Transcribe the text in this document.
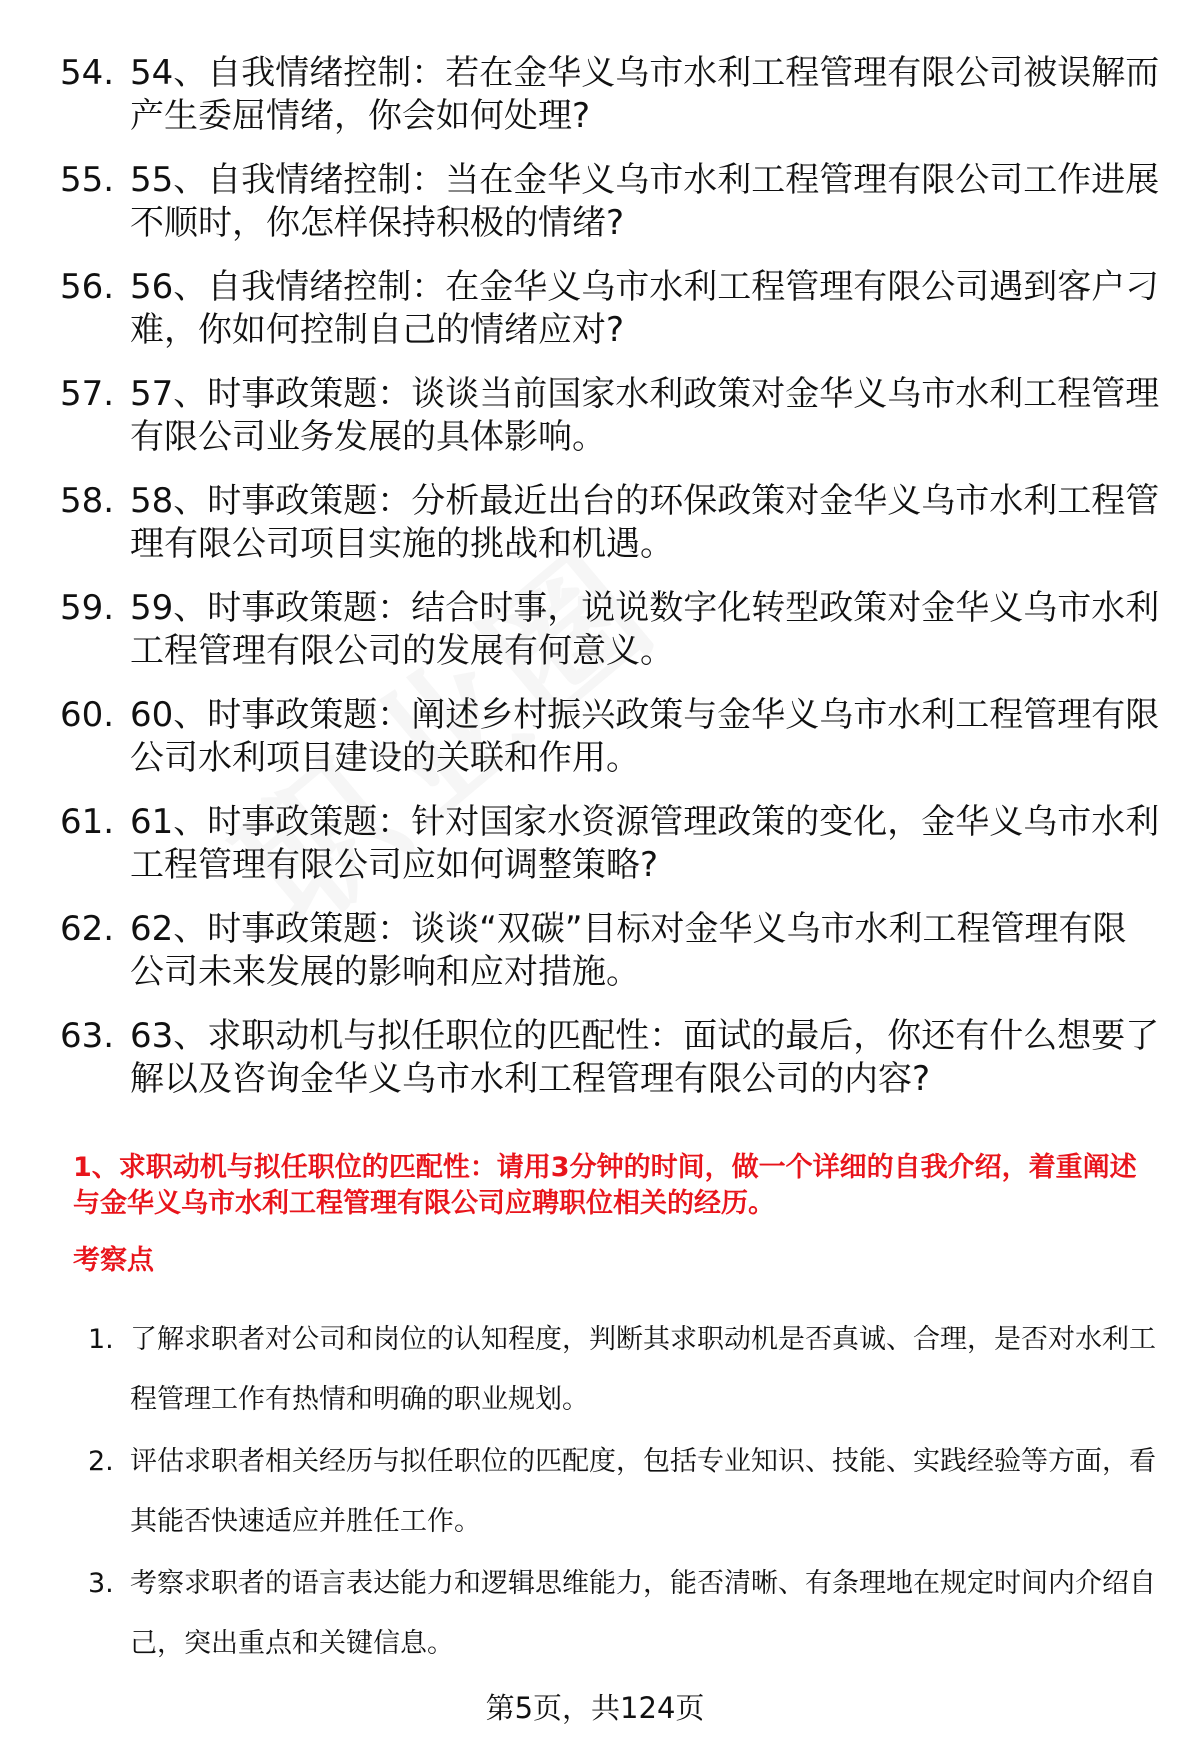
54. 54、自我情绪控制：若在金华义乌市水利工程管理有限公司被误解而产生委屈情绪，你会如何处理?
55. 55、自我情绪控制：当在金华义乌市水利工程管理有限公司工作进展不顺时，你怎样保持积极的情绪?
56. 56、自我情绪控制：在金华义乌市水利工程管理有限公司遇到客户刁难，你如何控制自己的情绪应对?
57. 57、时事政策题：谈谈当前国家水利政策对金华义乌市水利工程管理有限公司业务发展的具体影响。
58. 58、时事政策题：分析最近出台的环保政策对金华义乌市水利工程管理有限公司项目实施的挑战和机遇。
59. 59、时事政策题：结合时事，说说数字化转型政策对金华义乌市水利工程管理有限公司的发展有何意义。
60. 60、时事政策题：阐述乡村振兴政策与金华义乌市水利工程管理有限公司水利项目建设的关联和作用。
61. 61、时事政策题：针对国家水资源管理政策的变化，金华义乌市水利工程管理有限公司应如何调整策略?
62. 62、时事政策题：谈谈“双碳”目标对金华义乌市水利工程管理有限公司未来发展的影响和应对措施。
63. 63、求职动机与拟任职位的匹配性：面试的最后，你还有什么想要了解以及咨询金华义乌市水利工程管理有限公司的内容?
1、求职动机与拟任职位的匹配性：请用3分钟的时间，做一个详细的自我介绍，着重阐述与金华义乌市水利工程管理有限公司应聘职位相关的经历。
考察点
1. 了解求职者对公司和岗位的认知程度，判断其求职动机是否真诚、合理，是否对水利工程管理工作有热情和明确的职业规划。
2. 评估求职者相关经历与拟任职位的匹配度，包括专业知识、技能、实践经验等方面，看其能否快速适应并胜任工作。
3. 考察求职者的语言表达能力和逻辑思维能力，能否清晰、有条理地在规定时间内介绍自己，突出重点和关键信息。
第5页，共124页
